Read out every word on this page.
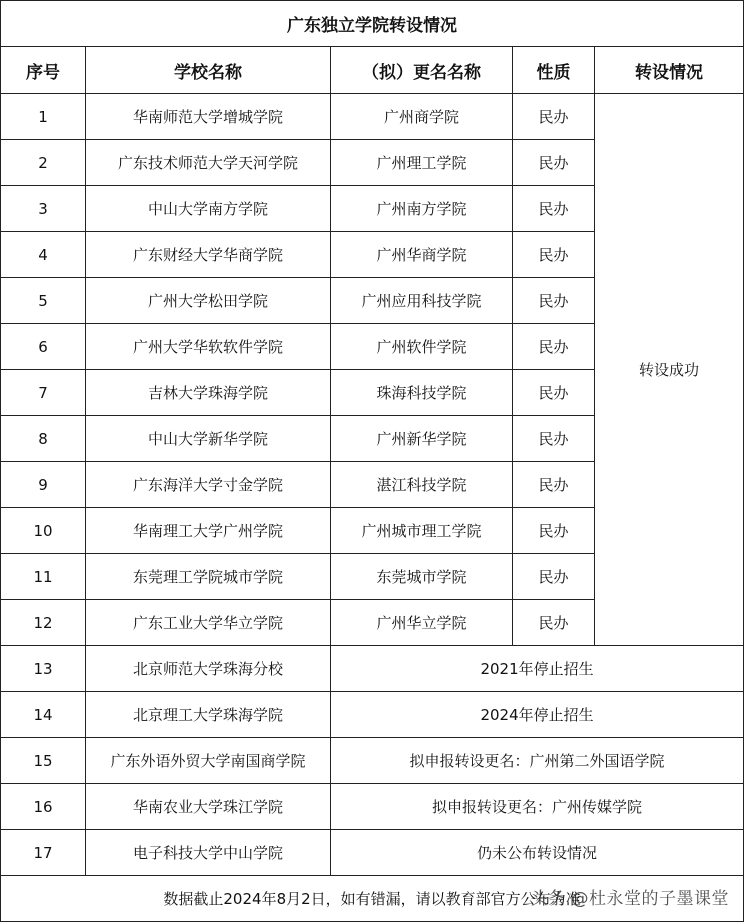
广东独立学院转设情况				
序号	学校名称	（拟）更名名称	性质	转设情况
1	华南师范大学增城学院	广州商学院	民办	转设成功
2	广东技术师范大学天河学院	广州理工学院	民办	
3	中山大学南方学院	广州南方学院	民办	
4	广东财经大学华商学院	广州华商学院	民办	
5	广州大学松田学院	广州应用科技学院	民办	
6	广州大学华软软件学院	广州软件学院	民办	
7	吉林大学珠海学院	珠海科技学院	民办	
8	中山大学新华学院	广州新华学院	民办	
9	广东海洋大学寸金学院	湛江科技学院	民办	
10	华南理工大学广州学院	广州城市理工学院	民办	
11	东莞理工学院城市学院	东莞城市学院	民办	
12	广东工业大学华立学院	广州华立学院	民办	
13	北京师范大学珠海分校	2021年停止招生		
14	北京理工大学珠海学院	2024年停止招生		
15	广东外语外贸大学南国商学院	拟申报转设更名：广州第二外国语学院		
16	华南农业大学珠江学院	拟申报转设更名：广州传媒学院		
17	电子科技大学中山学院	仍未公布转设情况		
数据截止2024年8月2日，如有错漏，请以教育部官方公布为准
头条 @杜永堂的子墨课堂				
